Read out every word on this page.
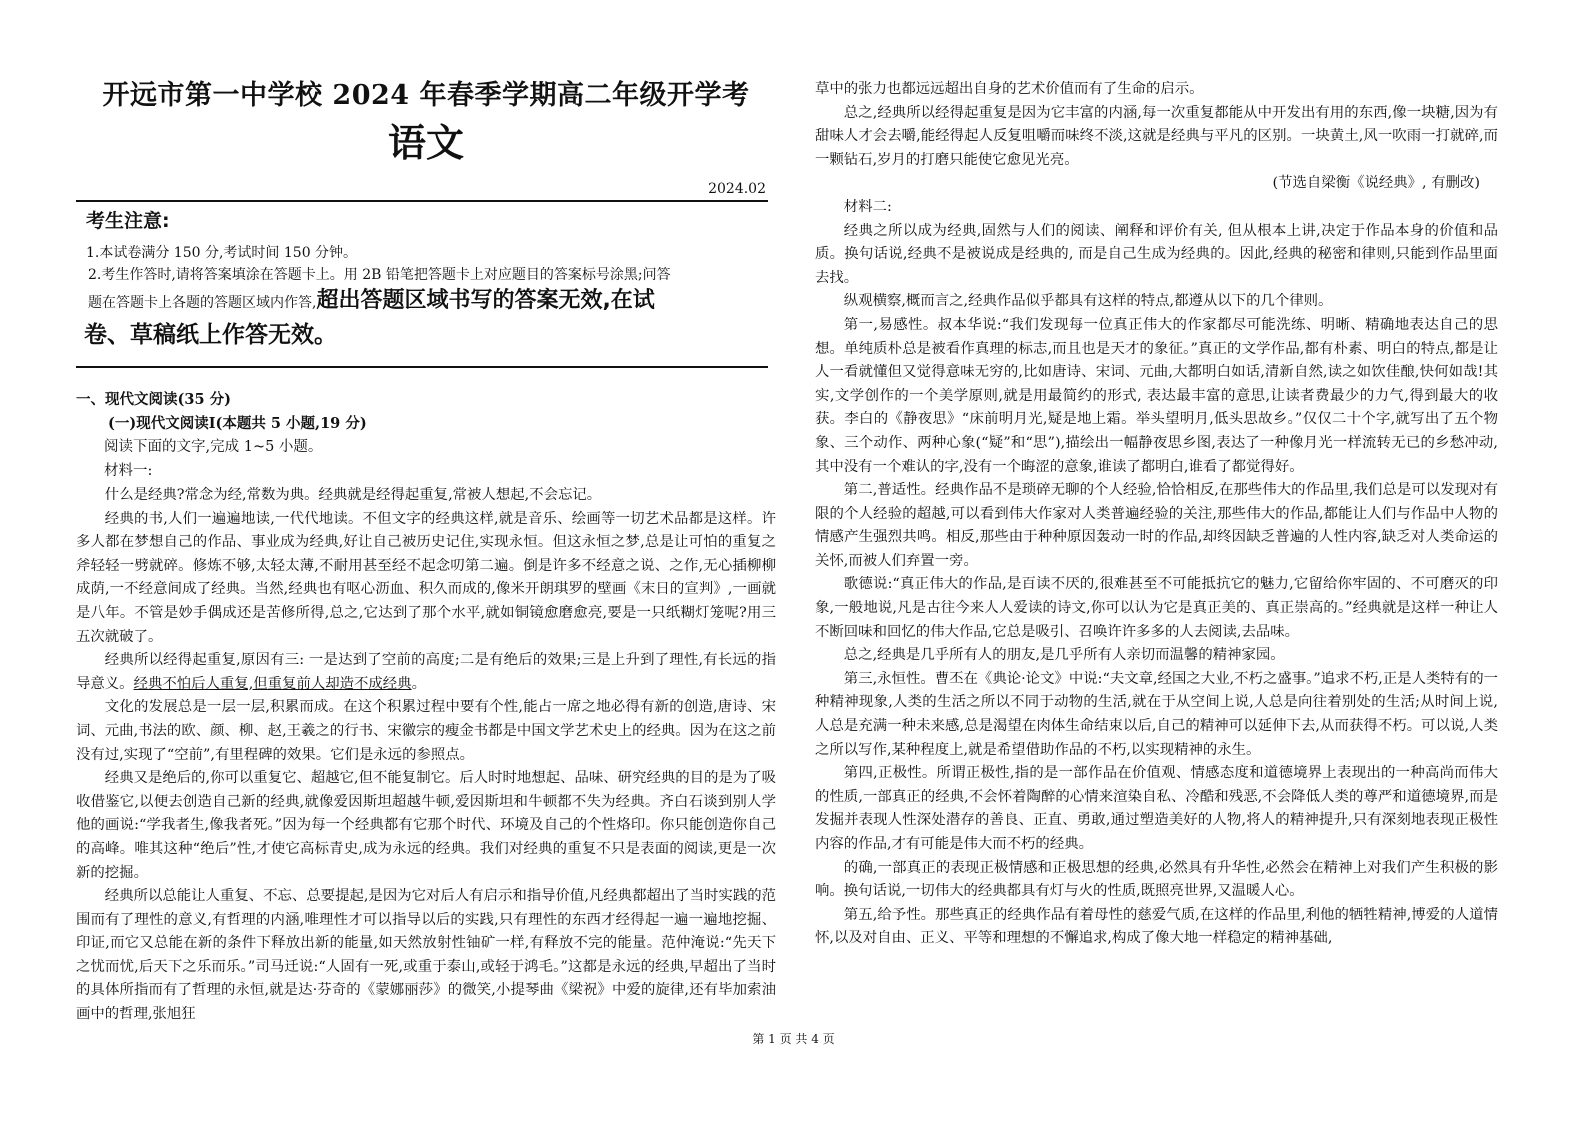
开远市第一中学校 2024 年春季学期高二年级开学考
语文
2024.02
考生注意:
1.本试卷满分 150 分,考试时间 150 分钟。
2.考生作答时,请将答案填涂在答题卡上。用 2B 铅笔把答题卡上对应题目的答案标号涂黑;问答
题在答题卡上各题的答题区域内作答,超出答题区域书写的答案无效,在试
卷、草稿纸上作答无效。
一、现代文阅读(35 分)
(一)现代文阅读Ⅰ(本题共 5 小题,19 分)
阅读下面的文字,完成 1~5 小题。
材料一:

什么是经典?常念为经,常数为典。经典就是经得起重复,常被人想起,不会忘记。

经典的书,人们一遍遍地读,一代代地读。不但文字的经典这样,就是音乐、绘画等一切艺术品都是这样。许多人都在梦想自己的作品、事业成为经典,好让自己被历史记住,实现永恒。但这永恒之梦,总是让可怕的重复之斧轻轻一劈就碎。修炼不够,太轻太薄,不耐用甚至经不起念叨第二遍。倒是许多不经意之说、之作,无心插柳柳成荫,一不经意间成了经典。当然,经典也有呕心沥血、积久而成的,像米开朗琪罗的壁画《末日的宣判》,一画就是八年。不管是妙手偶成还是苦修所得,总之,它达到了那个水平,就如铜镜愈磨愈亮,要是一只纸糊灯笼呢?用三五次就破了。

经典所以经得起重复,原因有三: 一是达到了空前的高度;二是有绝后的效果;三是上升到了理性,有长远的指导意义。经典不怕后人重复,但重复前人却造不成经典。

文化的发展总是一层一层,积累而成。在这个积累过程中要有个性,能占一席之地必得有新的创造,唐诗、宋词、元曲,书法的欧、颜、柳、赵,王羲之的行书、宋徽宗的瘦金书都是中国文学艺术史上的经典。因为在这之前没有过,实现了“空前”,有里程碑的效果。它们是永远的参照点。

经典又是绝后的,你可以重复它、超越它,但不能复制它。后人时时地想起、品味、研究经典的目的是为了吸收借鉴它,以便去创造自己新的经典,就像爱因斯坦超越牛顿,爱因斯坦和牛顿都不失为经典。齐白石谈到别人学他的画说:“学我者生,像我者死。”因为每一个经典都有它那个时代、环境及自己的个性烙印。你只能创造你自己的高峰。唯其这种“绝后”性,才使它高标青史,成为永远的经典。我们对经典的重复不只是表面的阅读,更是一次新的挖掘。

经典所以总能让人重复、不忘、总要提起,是因为它对后人有启示和指导价值,凡经典都超出了当时实践的范围而有了理性的意义,有哲理的内涵,唯理性才可以指导以后的实践,只有理性的东西才经得起一遍一遍地挖掘、印证,而它又总能在新的条件下释放出新的能量,如天然放射性铀矿一样,有释放不完的能量。范仲淹说:“先天下之忧而忧,后天下之乐而乐。”司马迁说:“人固有一死,或重于泰山,或轻于鸿毛。”这都是永远的经典,早超出了当时的具体所指而有了哲理的永恒,就是达·芬奇的《蒙娜丽莎》的微笑,小提琴曲《梁祝》中爱的旋律,还有毕加索油画中的哲理,张旭狂

草中的张力也都远远超出自身的艺术价值而有了生命的启示。

总之,经典所以经得起重复是因为它丰富的内涵,每一次重复都能从中开发出有用的东西,像一块糖,因为有甜味人才会去嚼,能经得起人反复咀嚼而味终不淡,这就是经典与平凡的区别。一块黄土,风一吹雨一打就碎,而一颗钻石,岁月的打磨只能使它愈见光亮。

(节选自梁衡《说经典》, 有删改)

材料二:

经典之所以成为经典,固然与人们的阅读、阐释和评价有关, 但从根本上讲,决定于作品本身的价值和品质。换句话说,经典不是被说成是经典的, 而是自己生成为经典的。因此,经典的秘密和律则,只能到作品里面去找。

纵观横察,概而言之,经典作品似乎都具有这样的特点,都遵从以下的几个律则。

第一,易感性。叔本华说:“我们发现每一位真正伟大的作家都尽可能洗练、明晰、精确地表达自己的思想。单纯质朴总是被看作真理的标志,而且也是天才的象征。”真正的文学作品,都有朴素、明白的特点,都是让人一看就懂但又觉得意味无穷的,比如唐诗、宋词、元曲,大都明白如话,清新自然,读之如饮佳酿,快何如哉!其实,文学创作的一个美学原则,就是用最简约的形式, 表达最丰富的意思,让读者费最少的力气,得到最大的收获。李白的《静夜思》“床前明月光,疑是地上霜。举头望明月,低头思故乡。”仅仅二十个字,就写出了五个物象、三个动作、两种心象(“疑”和“思”),描绘出一幅静夜思乡图,表达了一种像月光一样流转无已的乡愁冲动,其中没有一个难认的字,没有一个晦涩的意象,谁读了都明白,谁看了都觉得好。

第二,普适性。经典作品不是琐碎无聊的个人经验,恰恰相反,在那些伟大的作品里,我们总是可以发现对有限的个人经验的超越,可以看到伟大作家对人类普遍经验的关注,那些伟大的作品,都能让人们与作品中人物的情感产生强烈共鸣。相反,那些由于种种原因轰动一时的作品,却终因缺乏普遍的人性内容,缺乏对人类命运的关怀,而被人们弃置一旁。

歌德说:“真正伟大的作品,是百读不厌的,很难甚至不可能抵抗它的魅力,它留给你牢固的、不可磨灭的印象,一般地说,凡是古往今来人人爱读的诗文,你可以认为它是真正美的、真正崇高的。”经典就是这样一种让人不断回味和回忆的伟大作品,它总是吸引、召唤许许多多的人去阅读,去品味。

总之,经典是几乎所有人的朋友,是几乎所有人亲切而温馨的精神家园。

第三,永恒性。曹丕在《典论·论文》中说:“夫文章,经国之大业,不朽之盛事。”追求不朽,正是人类特有的一种精神现象,人类的生活之所以不同于动物的生活,就在于从空间上说,人总是向往着别处的生活;从时间上说,人总是充满一种未来感,总是渴望在肉体生命结束以后,自己的精神可以延伸下去,从而获得不朽。可以说,人类之所以写作,某种程度上,就是希望借助作品的不朽,以实现精神的永生。

第四,正极性。所谓正极性,指的是一部作品在价值观、情感态度和道德境界上表现出的一种高尚而伟大的性质,一部真正的经典,不会怀着陶醉的心情来渲染自私、冷酷和残恶,不会降低人类的尊严和道德境界,而是发掘并表现人性深处潜存的善良、正直、勇敢,通过塑造美好的人物,将人的精神提升,只有深刻地表现正极性内容的作品,才有可能是伟大而不朽的经典。

的确,一部真正的表现正极情感和正极思想的经典,必然具有升华性,必然会在精神上对我们产生积极的影响。换句话说,一切伟大的经典都具有灯与火的性质,既照亮世界,又温暖人心。

第五,给予性。那些真正的经典作品有着母性的慈爱气质,在这样的作品里,利他的牺牲精神,博爱的人道情怀,以及对自由、正义、平等和理想的不懈追求,构成了像大地一样稳定的精神基础,

第 1 页 共 4 页
